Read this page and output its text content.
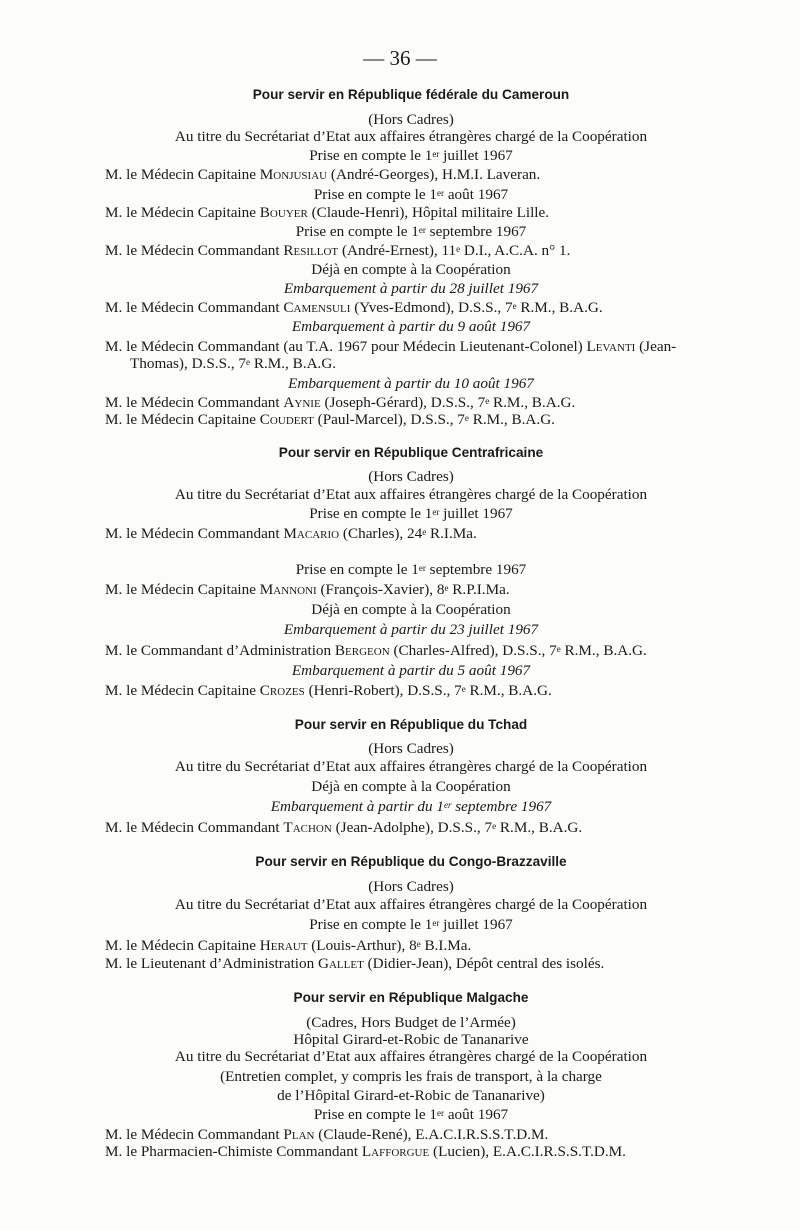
— 36 —
Pour servir en République fédérale du Cameroun
(Hors Cadres)
Au titre du Secrétariat d’Etat aux affaires étrangères chargé de la Coopération
Prise en compte le 1er juillet 1967
M. le Médecin Capitaine Monjusiau (André-Georges), H.M.I. Laveran.
Prise en compte le 1er août 1967
M. le Médecin Capitaine Bouyer (Claude-Henri), Hôpital militaire Lille.
Prise en compte le 1er septembre 1967
M. le Médecin Commandant Resillot (André-Ernest), 11e D.I., A.C.A. n° 1.
Déjà en compte à la Coopération
Embarquement à partir du 28 juillet 1967
M. le Médecin Commandant Camensuli (Yves-Edmond), D.S.S., 7e R.M., B.A.G.
Embarquement à partir du 9 août 1967
M. le Médecin Commandant (au T.A. 1967 pour Médecin Lieutenant-Colonel) Levanti (Jean-
Thomas), D.S.S., 7e R.M., B.A.G.
Embarquement à partir du 10 août 1967
M. le Médecin Commandant Aynie (Joseph-Gérard), D.S.S., 7e R.M., B.A.G.
M. le Médecin Capitaine Coudert (Paul-Marcel), D.S.S., 7e R.M., B.A.G.
Pour servir en République Centrafricaine
(Hors Cadres)
Au titre du Secrétariat d’Etat aux affaires étrangères chargé de la Coopération
Prise en compte le 1er juillet 1967
M. le Médecin Commandant Macario (Charles), 24e R.I.Ma.
Prise en compte le 1er septembre 1967
M. le Médecin Capitaine Mannoni (François-Xavier), 8e R.P.I.Ma.
Déjà en compte à la Coopération
Embarquement à partir du 23 juillet 1967
M. le Commandant d’Administration Bergeon (Charles-Alfred), D.S.S., 7e R.M., B.A.G.
Embarquement à partir du 5 août 1967
M. le Médecin Capitaine Crozes (Henri-Robert), D.S.S., 7e R.M., B.A.G.
Pour servir en République du Tchad
(Hors Cadres)
Au titre du Secrétariat d’Etat aux affaires étrangères chargé de la Coopération
Déjà en compte à la Coopération
Embarquement à partir du 1er septembre 1967
M. le Médecin Commandant Tachon (Jean-Adolphe), D.S.S., 7e R.M., B.A.G.
Pour servir en République du Congo-Brazzaville
(Hors Cadres)
Au titre du Secrétariat d’Etat aux affaires étrangères chargé de la Coopération
Prise en compte le 1er juillet 1967
M. le Médecin Capitaine Heraut (Louis-Arthur), 8e B.I.Ma.
M. le Lieutenant d’Administration Gallet (Didier-Jean), Dépôt central des isolés.
Pour servir en République Malgache
(Cadres, Hors Budget de l’Armée)
Hôpital Girard-et-Robic de Tananarive
Au titre du Secrétariat d’Etat aux affaires étrangères chargé de la Coopération
(Entretien complet, y compris les frais de transport, à la charge
de l’Hôpital Girard-et-Robic de Tananarive)
Prise en compte le 1er août 1967
M. le Médecin Commandant Plan (Claude-René), E.A.C.I.R.S.S.T.D.M.
M. le Pharmacien-Chimiste Commandant Lafforgue (Lucien), E.A.C.I.R.S.S.T.D.M.
